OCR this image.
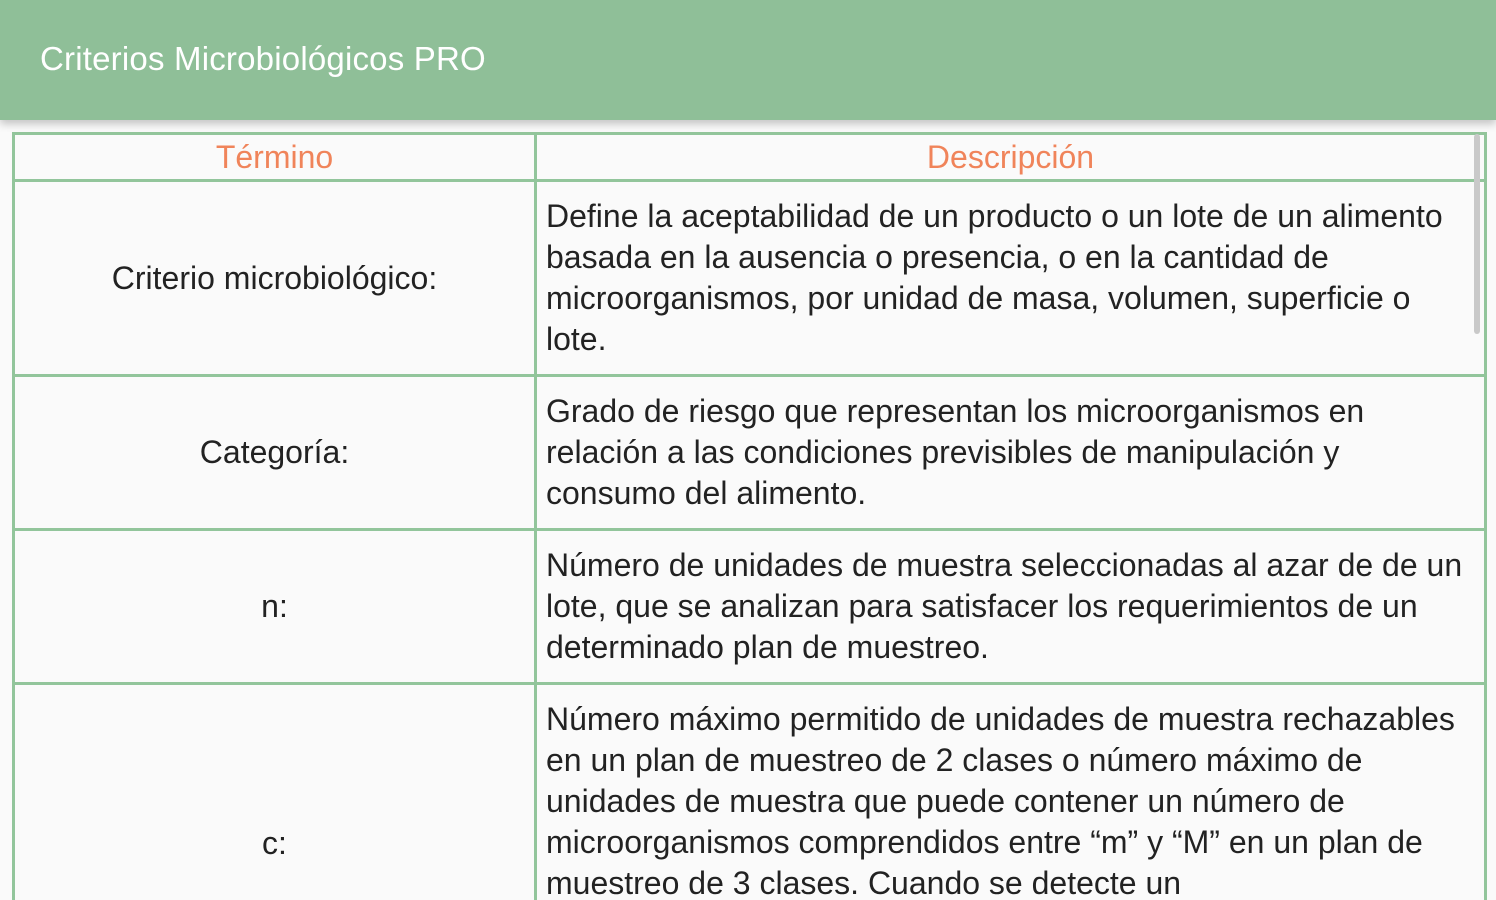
Criterios Microbiológicos PRO
Término	Descripción
Criterio microbiológico:	Define la aceptabilidad de un producto o un lote de un alimento basada en la ausencia o presencia, o en la cantidad de microorganismos, por unidad de masa, volumen, superficie o lote.
Categoría:	Grado de riesgo que representan los microorganismos en relación a las condiciones previsibles de manipulación y consumo del alimento.
n:	Número de unidades de muestra seleccionadas al azar de de un lote, que se analizan para satisfacer los requerimientos de un determinado plan de muestreo.
c:	Número máximo permitido de unidades de muestra rechazables en un plan de muestreo de 2 clases o número máximo de unidades de muestra que puede contener un número de microorganismos comprendidos entre “m” y “M” en un plan de muestreo de 3 clases. Cuando se detecte un
